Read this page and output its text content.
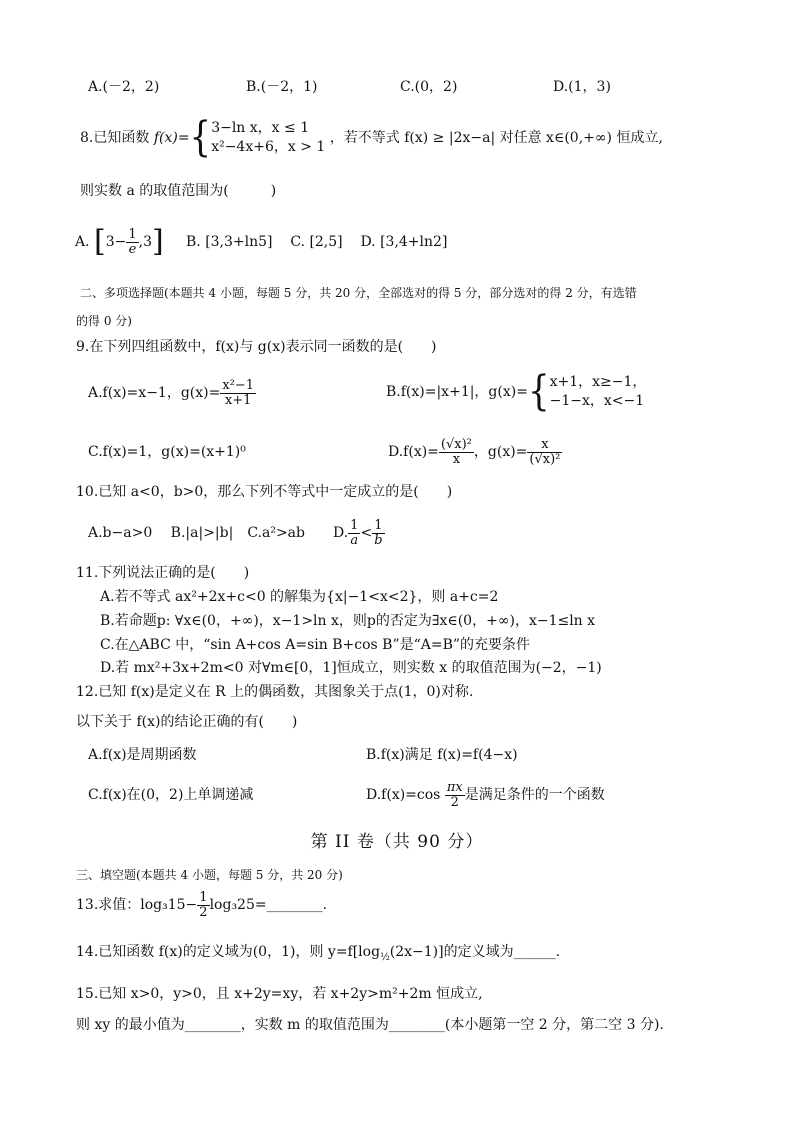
A.(－2，2)	B.(－2，1)	C.(0，2)	D.(1，3)
8.已知函数 f(x)={ 3−ln x，x ≤ 1
x²−4x+6，x > 1
，若不等式 f(x) ≥ |2x−a| 对任意 x∈(0,+∞) 恒成立,
则实数 a 的取值范围为(　　　)
A. $[3- \frac{1}{e} ,3]$ B. [3,3+ln5] C. [2,5] D. [3,4+ln2]
二、多项选择题(本题共 4 小题，每题 5 分，共 20 分，全部选对的得 5 分，部分选对的得 2 分，有选错
的得 0 分)
9.在下列四组函数中，f(x)与 g(x)表示同一函数的是(　　)
A.f(x)=x−1，$g(x)= \frac{\text{x²−1}}{x+1}$	B.f(x)=|x+1|，g(x)={ x+1，x≥−1，
−1−x，x<−1
C.f(x)=1，g(x)=(x+1)⁰	$D.f(x)= \frac{\text{(√x)²}}{x}$ ，$g(x)= \frac{x}{\text{(√x)²}}$
10.已知 a<0，b>0，那么下列不等式中一定成立的是(　　)
A.b−a>0　 B.|a|>|b|　C.a²>ab　　D. $\frac{1}{a} < \frac{1}{b}$
11.下列说法正确的是(　　)
A.若不等式 ax²+2x+c<0 的解集为{x|−1<x<2}，则 a+c=2
B.若命题p: ∀x∈(0，+∞)，x−1>ln x，则p的否定为∃x∈(0，+∞)，x−1≤ln x
C.在△ABC 中，“sin A+cos A=sin B+cos B”是“A=B”的充要条件
D.若 mx²+3x+2m<0 对∀m∈[0，1]恒成立，则实数 x 的取值范围为(−2，−1)
12.已知 f(x)是定义在 R 上的偶函数，其图象关于点(1，0)对称.
以下关于 f(x)的结论正确的有(　　)
A.f(x)是周期函数	B.f(x)满足 f(x)=f(4−x)
C.f(x)在(0，2)上单调递减	$D.f(x)=\cos \frac{\pi x}{2}$ 是满足条件的一个函数
第 II 卷（共 90 分）
三、填空题(本题共 4 小题，每题 5 分，共 20 分)
13.求值：$\log_315- \frac{1}{2}$ log₃25=________.
14.已知函数 f(x)的定义域为(0，1)，则 $y=f[\log_{\frac{1}{2}}(2x-1)]$的定义域为______.
15.已知 x>0，y>0，且 x+2y=xy，若 x+2y>m²+2m 恒成立,
则 xy 的最小值为________，实数 m 的取值范围为________(本小题第一空 2 分，第二空 3 分).
